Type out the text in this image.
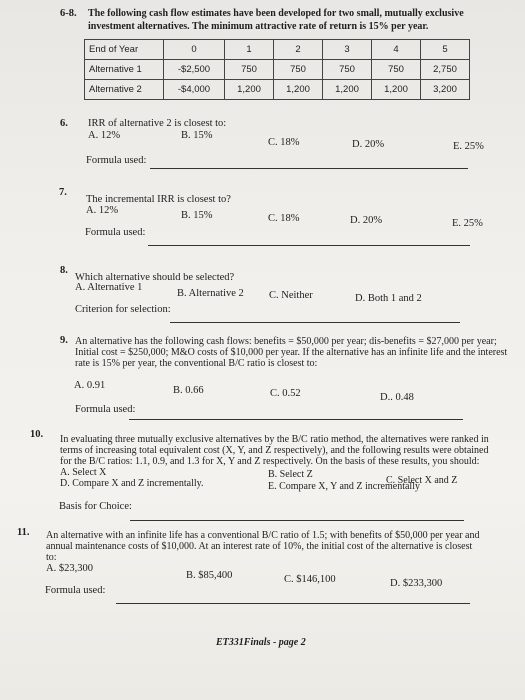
6-8. The following cash flow estimates have been developed for two small, mutually exclusive
investment alternatives. The minimum attractive rate of return is 15% per year.
End of Year	0	1	2	3	4	5
Alternative 1	-$2,500	750	750	750	750	2,750
Alternative 2	-$4,000	1,200	1,200	1,200	1,200	3,200
6. IRR of alternative 2 is closest to:
A. 12%	B. 15%
C. 18%	D. 20%	E. 25%
Formula used:
7.
The incremental IRR is closest to?
A. 12%	B. 15%	C. 18%	D. 20%	E. 25%
Formula used:
8.
Which alternative should be selected?
A. Alternative 1
B. Alternative 2 C. Neither	D. Both 1 and 2
Criterion for selection:
9. An alternative has the following cash flows: benefits = $50,000 per year; dis-benefits = $27,000 per year;
Initial cost = $250,000; M&O costs of $10,000 per year. If the alternative has an infinite life and the interest
rate is 15% per year, the conventional B/C ratio is closest to:
A. 0.91	B. 0.66	C. 0.52	D.. 0.48
Formula used:
10. In evaluating three mutually exclusive alternatives by the B/C ratio method, the alternatives were ranked in
terms of increasing total equivalent cost (X, Y, and Z respectively), and the following results were obtained
for the B/C ratios: 1.1, 0.9, and 1.3 for X, Y and Z respectively. On the basis of these results, you should:
A. Select X	B. Select Z
C. Select X and Z
D. Compare X and Z incrementally.	E. Compare X, Y and Z incrementally
Basis for Choice:
11. An alternative with an infinite life has a conventional B/C ratio of 1.5; with benefits of $50,000 per year and
annual maintenance costs of $10,000. At an interest rate of 10%, the initial cost of the alternative is closest
to:
A. $23,300
B. $85,400	C. $146,100	D. $233,300
Formula used:
ET331Finals - page 2
